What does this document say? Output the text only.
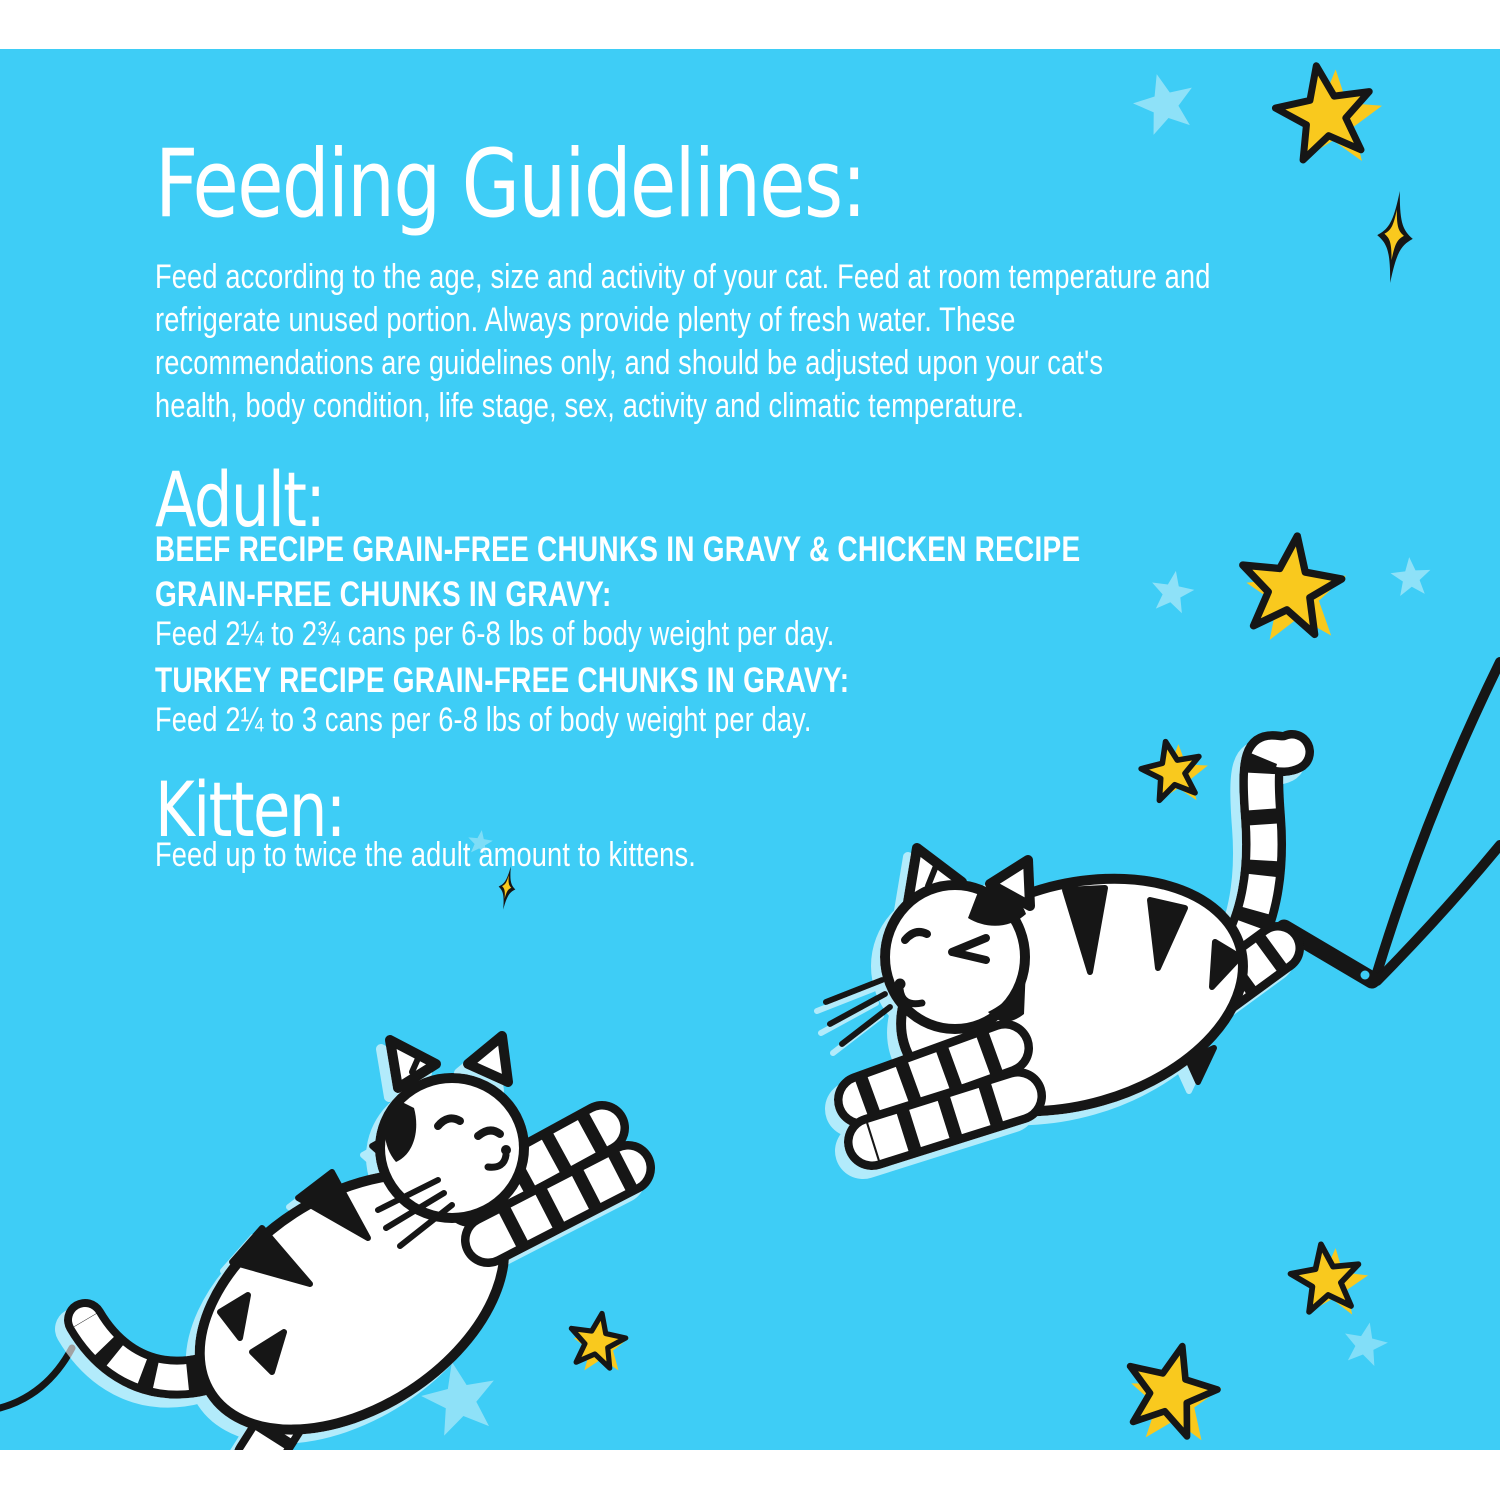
Feeding Guidelines:
Feed according to the age, size and activity of your cat. Feed at room temperature and
refrigerate unused portion. Always provide plenty of fresh water. These
recommendations are guidelines only, and should be adjusted upon your cat's
health, body condition, life stage, sex, activity and climatic temperature.
Adult:
BEEF RECIPE GRAIN-FREE CHUNKS IN GRAVY & CHICKEN RECIPE
GRAIN-FREE CHUNKS IN GRAVY:
Feed 2¼ to 2¾ cans per 6-8 lbs of body weight per day.
TURKEY RECIPE GRAIN-FREE CHUNKS IN GRAVY:
Feed 2¼ to 3 cans per 6-8 lbs of body weight per day.
Kitten:
Feed up to twice the adult amount to kittens.
